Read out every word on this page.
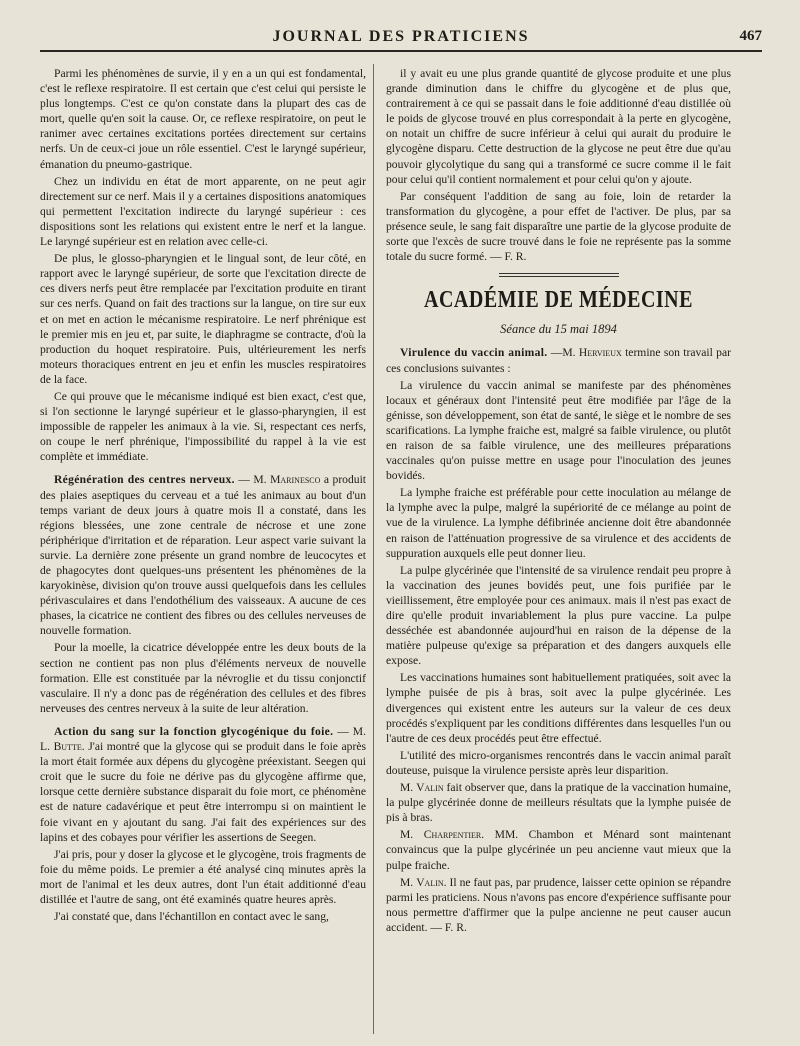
JOURNAL DES PRATICIENS	467

Parmi les phénomènes de survie, il y en a un qui est fondamental, c'est le reflexe respiratoire. Il est certain que c'est celui qui persiste le plus longtemps. C'est ce qu'on constate dans la plupart des cas de mort, quelle qu'en soit la cause. Or, ce reflexe respiratoire, on peut le ranimer avec certaines excitations portées directement sur certains nerfs. Un de ceux-ci joue un rôle essentiel. C'est le laryngé supérieur, émanation du pneumo-gastrique.

Chez un individu en état de mort apparente, on ne peut agir directement sur ce nerf. Mais il y a certaines dispositions anatomiques qui permettent l'excitation indirecte du laryngé supérieur : ces dispositions sont les relations qui existent entre le nerf et la langue. Le laryngé supérieur est en relation avec celle-ci.

De plus, le glosso-pharyngien et le lingual sont, de leur côté, en rapport avec le laryngé supérieur, de sorte que l'excitation directe de ces divers nerfs peut être remplacée par l'excitation produite en tirant sur ces nerfs. Quand on fait des tractions sur la langue, on tire sur eux et on met en action le mécanisme respiratoire. Le nerf phrénique est le premier mis en jeu et, par suite, le diaphragme se contracte, d'où la production du hoquet respiratoire. Puis, ultérieurement les nerfs moteurs thoraciques entrent en jeu et enfin les muscles respiratoires de la face.

Ce qui prouve que le mécanisme indiqué est bien exact, c'est que, si l'on sectionne le laryngé supérieur et le glasso-pharyngien, il est impossible de rappeler les animaux à la vie. Si, respectant ces nerfs, on coupe le nerf phrénique, l'impossibilité du rappel à la vie est complète et immédiate.

Régénération des centres nerveux. — M. Marinesco a produit des plaies aseptiques du cerveau et a tué les animaux au bout d'un temps variant de deux jours à quatre mois Il a constaté, dans les régions blessées, une zone centrale de nécrose et une zone périphérique d'irritation et de réparation. Leur aspect varie suivant la survie. La dernière zone présente un grand nombre de leucocytes et de phagocytes dont quelques-uns présentent les phénomènes de la karyokinèse, division qu'on trouve aussi quelquefois dans les cellules périvasculaires et dans l'endothélium des vaisseaux. A aucune de ces phases, la cicatrice ne contient des fibres ou des cellules nerveuses de nouvelle formation.

Pour la moelle, la cicatrice développée entre les deux bouts de la section ne contient pas non plus d'éléments nerveux de nouvelle formation. Elle est constituée par la névroglie et du tissu conjonctif vasculaire. Il n'y a donc pas de régénération des cellules et des fibres nerveuses des centres nerveux à la suite de leur altération.

Action du sang sur la fonction glycogénique du foie. — M. L. Butte. J'ai montré que la glycose qui se produit dans le foie après la mort était formée aux dépens du glycogène préexistant. Seegen qui croit que le sucre du foie ne dérive pas du glycogène affirme que, lorsque cette dernière substance disparait du foie mort, ce phénomène est de nature cadavérique et peut être interrompu si on maintient le foie vivant en y ajoutant du sang. J'ai fait des expériences sur des lapins et des cobayes pour vérifier les assertions de Seegen.

J'ai pris, pour y doser la glycose et le glycogène, trois fragments de foie du même poids. Le premier a été analysé cinq minutes après la mort de l'animal et les deux autres, dont l'un était additionné d'eau distillée et l'autre de sang, ont été examinés quatre heures après.

J'ai constaté que, dans l'échantillon en contact avec le sang,

il y avait eu une plus grande quantité de glycose produite et une plus grande diminution dans le chiffre du glycogène et de plus que, contrairement à ce qui se passait dans le foie additionné d'eau distillée où le poids de glycose trouvé en plus correspondait à la perte en glycogène, on notait un chiffre de sucre inférieur à celui qui aurait du produire le glycogène disparu. Cette destruction de la glycose ne peut être due qu'au pouvoir glycolytique du sang qui a transformé ce sucre comme il le fait pour celui qu'il contient normalement et pour celui qu'on y ajoute.

Par conséquent l'addition de sang au foie, loin de retarder la transformation du glycogène, a pour effet de l'activer. De plus, par sa présence seule, le sang fait disparaître une partie de la glycose produite de sorte que l'excès de sucre trouvé dans le foie ne représente pas la somme totale du sucre formé. — F. R.

ACADÉMIE DE MÉDECINE
Séance du 15 mai 1894

Virulence du vaccin animal. —M. Hervieux termine son travail par ces conclusions suivantes :

La virulence du vaccin animal se manifeste par des phénomènes locaux et généraux dont l'intensité peut être modifiée par l'âge de la génisse, son développement, son état de santé, le siège et le nombre de ses scarifications. La lymphe fraiche est, malgré sa faible virulence, ou plutôt en raison de sa faible virulence, une des meilleures préparations vaccinales qu'on puisse mettre en usage pour l'inoculation des jeunes bovidés.

La lymphe fraiche est préférable pour cette inoculation au mélange de la lymphe avec la pulpe, malgré la supériorité de ce mélange au point de vue de la virulence. La lymphe défibrinée ancienne doit être abandonnée en raison de l'atténuation progressive de sa virulence et des accidents de suppuration auxquels elle peut donner lieu.

La pulpe glycérinée que l'intensité de sa virulence rendait peu propre à la vaccination des jeunes bovidés peut, une fois purifiée par le vieillissement, être employée pour ces animaux. mais il n'est pas exact de dire qu'elle produit invariablement la plus pure vaccine. La pulpe desséchée est abandonnée aujourd'hui en raison de la dépense de la matière pulpeuse qu'exige sa préparation et des dangers auxquels elle expose.

Les vaccinations humaines sont habituellement pratiquées, soit avec la lymphe puisée de pis à bras, soit avec la pulpe glycérinée. Les divergences qui existent entre les auteurs sur la valeur de ces deux procédés s'expliquent par les conditions différentes dans lesquelles l'un ou l'autre de ces deux procédés peut être effectué.

L'utilité des micro-organismes rencontrés dans le vaccin animal paraît douteuse, puisque la virulence persiste après leur disparition.

M. Valin fait observer que, dans la pratique de la vaccination humaine, la pulpe glycérinée donne de meilleurs résultats que la lymphe puisée de pis à bras.

M. Charpentier. MM. Chambon et Ménard sont maintenant convaincus que la pulpe glycérinée un peu ancienne vaut mieux que la pulpe fraiche.

M. Valin. Il ne faut pas, par prudence, laisser cette opinion se répandre parmi les praticiens. Nous n'avons pas encore d'expérience suffisante pour nous permettre d'affirmer que la pulpe ancienne ne peut causer aucun accident. — F. R.
